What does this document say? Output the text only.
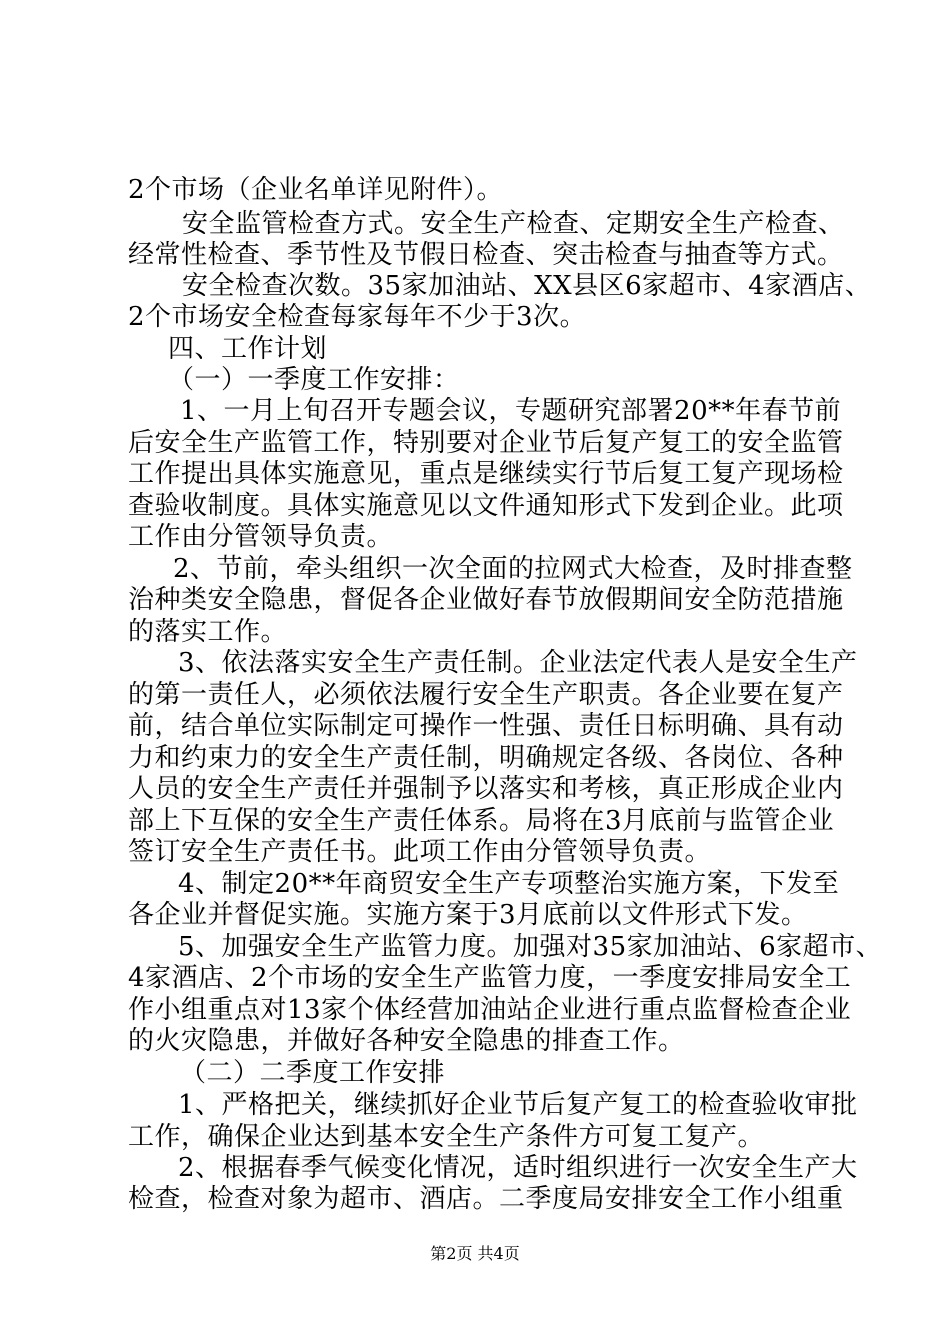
2个市场（企业名单详见附件）。
安全监管检查方式。安全生产检查、定期安全生产检查、
经常性检查、季节性及节假日检查、突击检查与抽查等方式。
安全检查次数。35家加油站、XX县区6家超市、4家酒店、
2个市场安全检查每家每年不少于3次。
四、工作计划
（一）一季度工作安排：
1、一月上旬召开专题会议，专题研究部署20**年春节前
后安全生产监管工作，特别要对企业节后复产复工的安全监管
工作提出具体实施意见，重点是继续实行节后复工复产现场检
查验收制度。具体实施意见以文件通知形式下发到企业。此项
工作由分管领导负责。
2、节前，牵头组织一次全面的拉网式大检查，及时排查整
治种类安全隐患，督促各企业做好春节放假期间安全防范措施
的落实工作。
3、依法落实安全生产责任制。企业法定代表人是安全生产
的第一责任人，必须依法履行安全生产职责。各企业要在复产
前，结合单位实际制定可操作一性强、责任日标明确、具有动
力和约束力的安全生产责任制，明确规定各级、各岗位、各种
人员的安全生产责任并强制予以落实和考核，真正形成企业内
部上下互保的安全生产责任体系。局将在3月底前与监管企业
签订安全生产责任书。此项工作由分管领导负责。
4、制定20**年商贸安全生产专项整治实施方案，下发至
各企业并督促实施。实施方案于3月底前以文件形式下发。
5、加强安全生产监管力度。加强对35家加油站、6家超市、
4家酒店、2个市场的安全生产监管力度，一季度安排局安全工
作小组重点对13家个体经营加油站企业进行重点监督检查企业
的火灾隐患，并做好各种安全隐患的排查工作。
（二）二季度工作安排
1、严格把关，继续抓好企业节后复产复工的检查验收审批
工作，确保企业达到基本安全生产条件方可复工复产。
2、根据春季气候变化情况，适时组织进行一次安全生产大
检查，检查对象为超市、酒店。二季度局安排安全工作小组重
第2页 共4页
